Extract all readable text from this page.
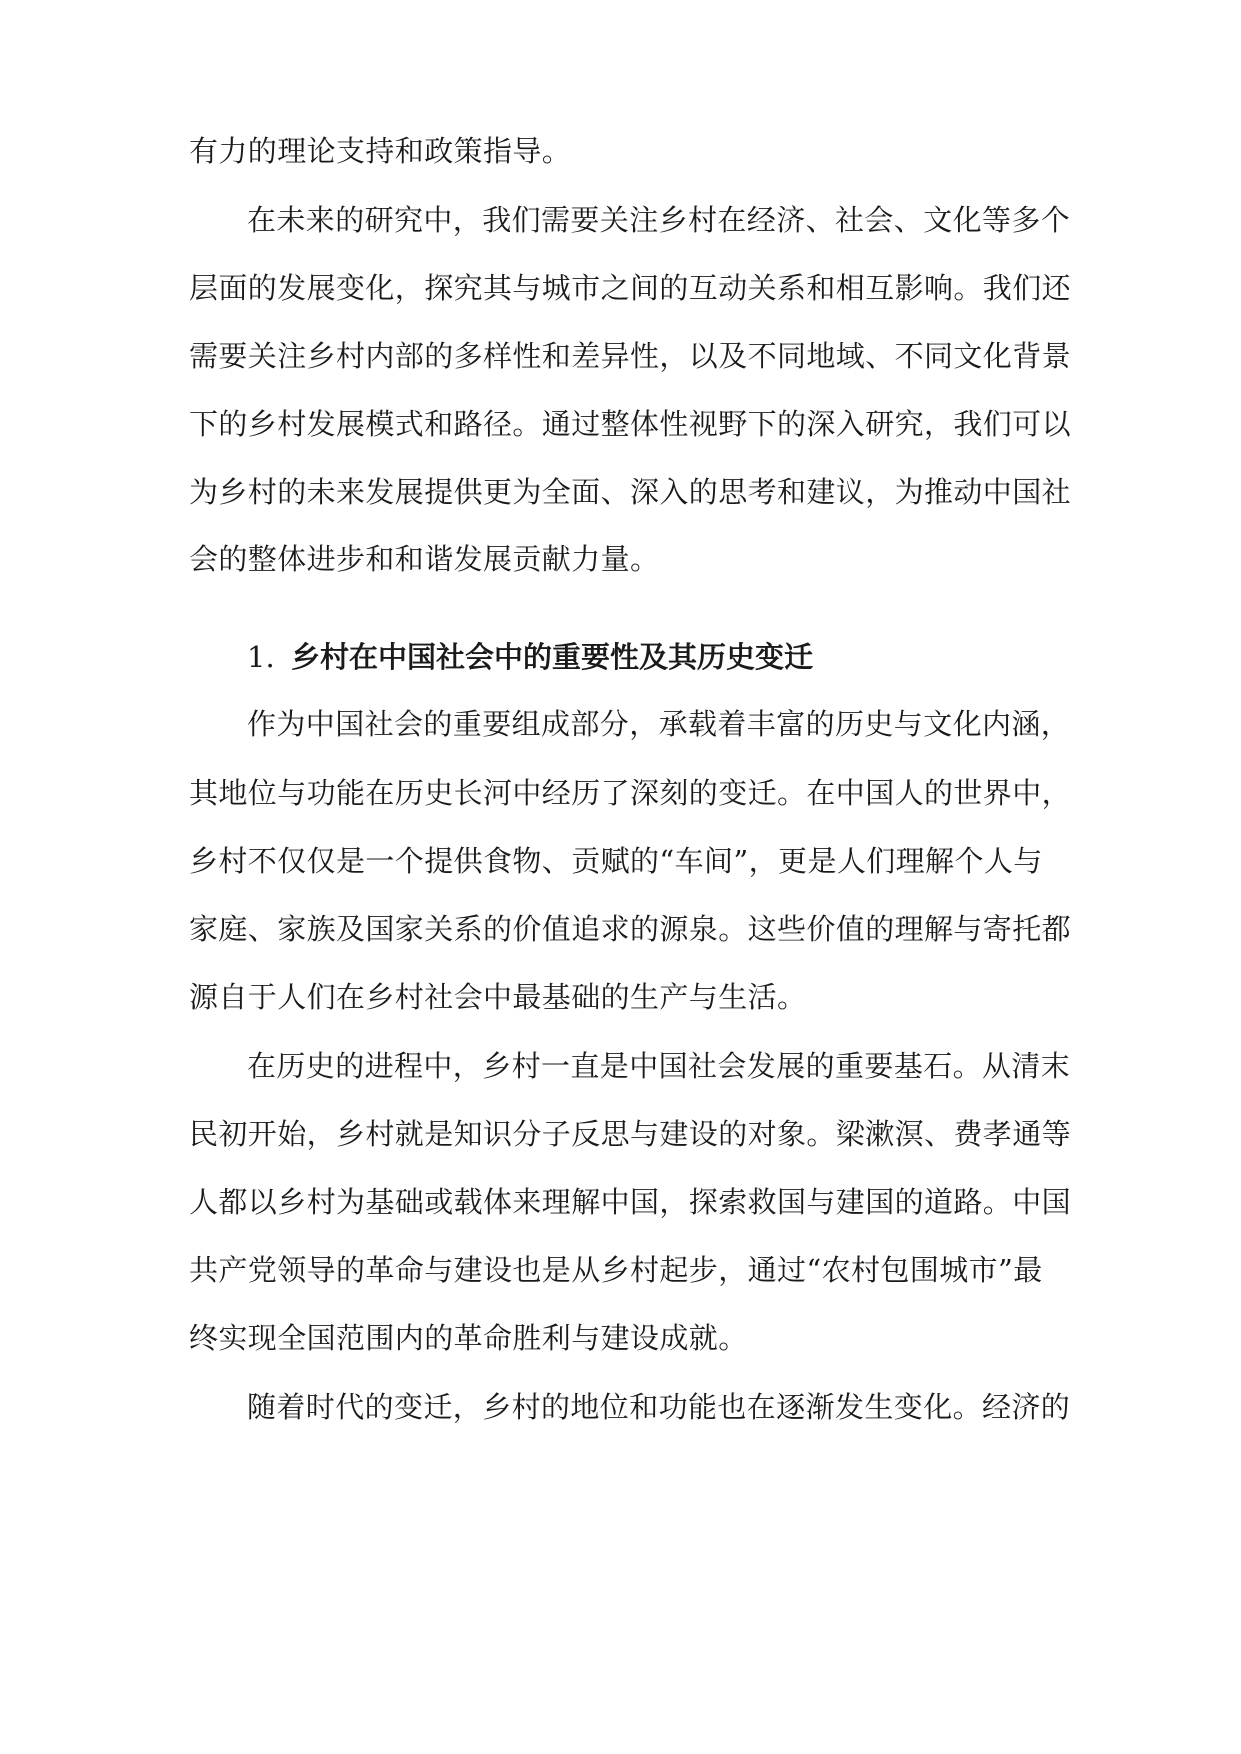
有力的理论支持和政策指导。
在未来的研究中，我们需要关注乡村在经济、社会、文化等多个
层面的发展变化，探究其与城市之间的互动关系和相互影响。我们还
需要关注乡村内部的多样性和差异性，以及不同地域、不同文化背景
下的乡村发展模式和路径。通过整体性视野下的深入研究，我们可以
为乡村的未来发展提供更为全面、深入的思考和建议，为推动中国社
会的整体进步和和谐发展贡献力量。
1. 乡村在中国社会中的重要性及其历史变迁
作为中国社会的重要组成部分，承载着丰富的历史与文化内涵，
其地位与功能在历史长河中经历了深刻的变迁。在中国人的世界中，
乡村不仅仅是一个提供食物、贡赋的“车间”，更是人们理解个人与
家庭、家族及国家关系的价值追求的源泉。这些价值的理解与寄托都
源自于人们在乡村社会中最基础的生产与生活。
在历史的进程中，乡村一直是中国社会发展的重要基石。从清末
民初开始，乡村就是知识分子反思与建设的对象。梁漱溟、费孝通等
人都以乡村为基础或载体来理解中国，探索救国与建国的道路。中国
共产党领导的革命与建设也是从乡村起步，通过“农村包围城市”最
终实现全国范围内的革命胜利与建设成就。
随着时代的变迁，乡村的地位和功能也在逐渐发生变化。经济的
